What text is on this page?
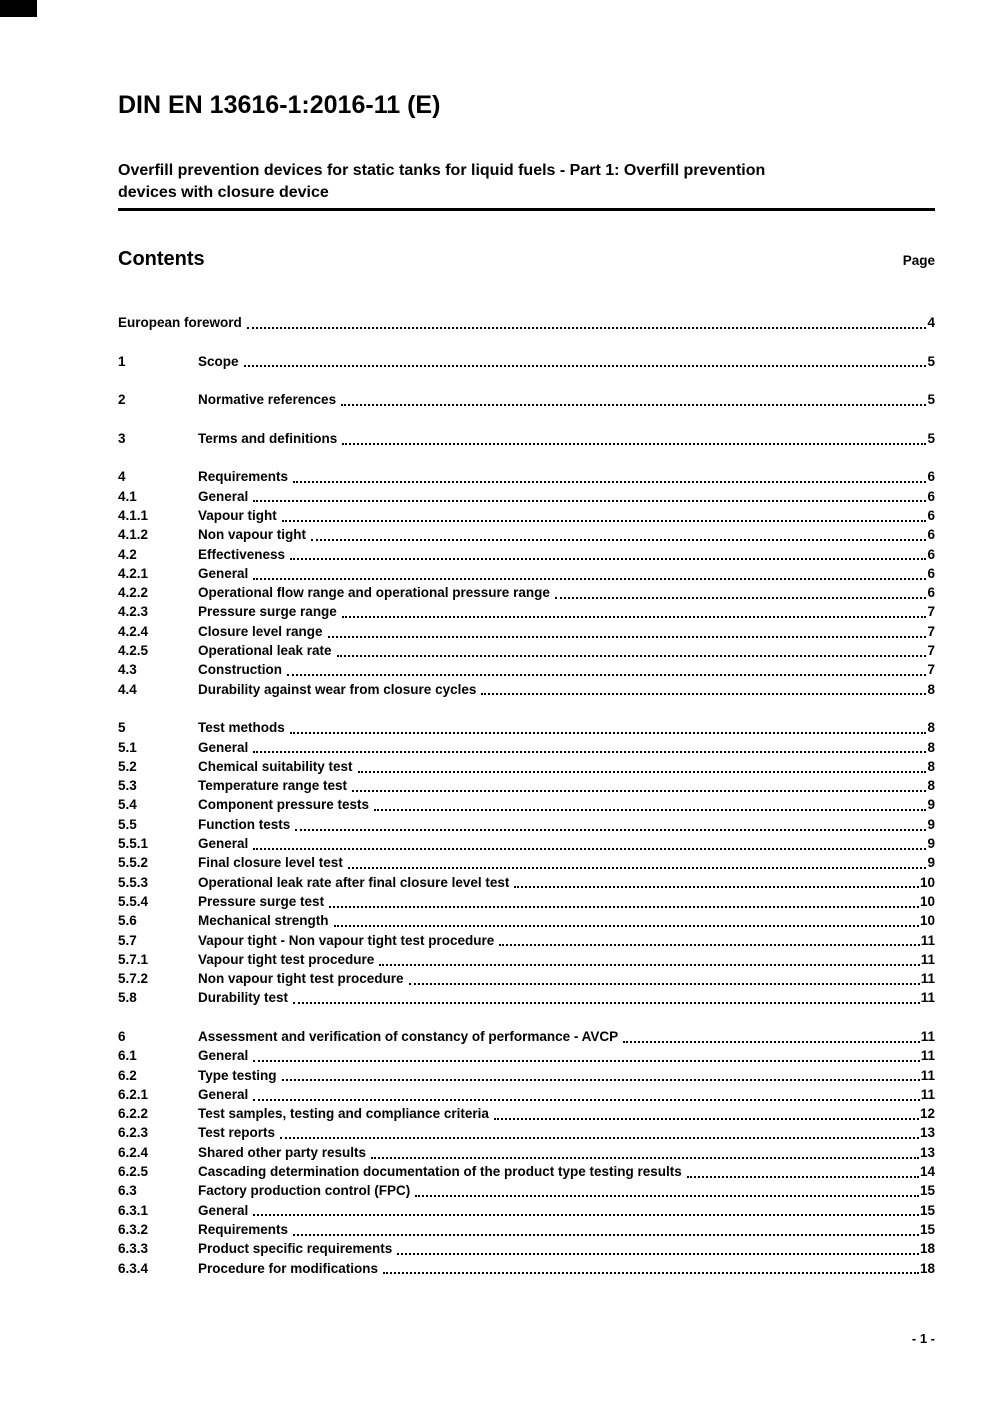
DIN EN 13616-1:2016-11 (E)
Overfill prevention devices for static tanks for liquid fuels - Part 1: Overfill prevention
devices with closure device
Contents	Page
European foreword	4
1	Scope	5
2	Normative references	5
3	Terms and definitions	5
4	Requirements	6
4.1	General	6
4.1.1	Vapour tight	6
4.1.2	Non vapour tight	6
4.2	Effectiveness	6
4.2.1	General	6
4.2.2	Operational flow range and operational pressure range	6
4.2.3	Pressure surge range	7
4.2.4	Closure level range	7
4.2.5	Operational leak rate	7
4.3	Construction	7
4.4	Durability against wear from closure cycles	8
5	Test methods	8
5.1	General	8
5.2	Chemical suitability test	8
5.3	Temperature range test	8
5.4	Component pressure tests	9
5.5	Function tests	9
5.5.1	General	9
5.5.2	Final closure level test	9
5.5.3	Operational leak rate after final closure level test	10
5.5.4	Pressure surge test	10
5.6	Mechanical strength	10
5.7	Vapour tight - Non vapour tight test procedure	11
5.7.1	Vapour tight test procedure	11
5.7.2	Non vapour tight test procedure	11
5.8	Durability test	11
6	Assessment and verification of constancy of performance - AVCP	11
6.1	General	11
6.2	Type testing	11
6.2.1	General	11
6.2.2	Test samples, testing and compliance criteria	12
6.2.3	Test reports	13
6.2.4	Shared other party results	13
6.2.5	Cascading determination documentation of the product type testing results	14
6.3	Factory production control (FPC)	15
6.3.1	General	15
6.3.2	Requirements	15
6.3.3	Product specific requirements	18
6.3.4	Procedure for modifications	18
- 1 -
